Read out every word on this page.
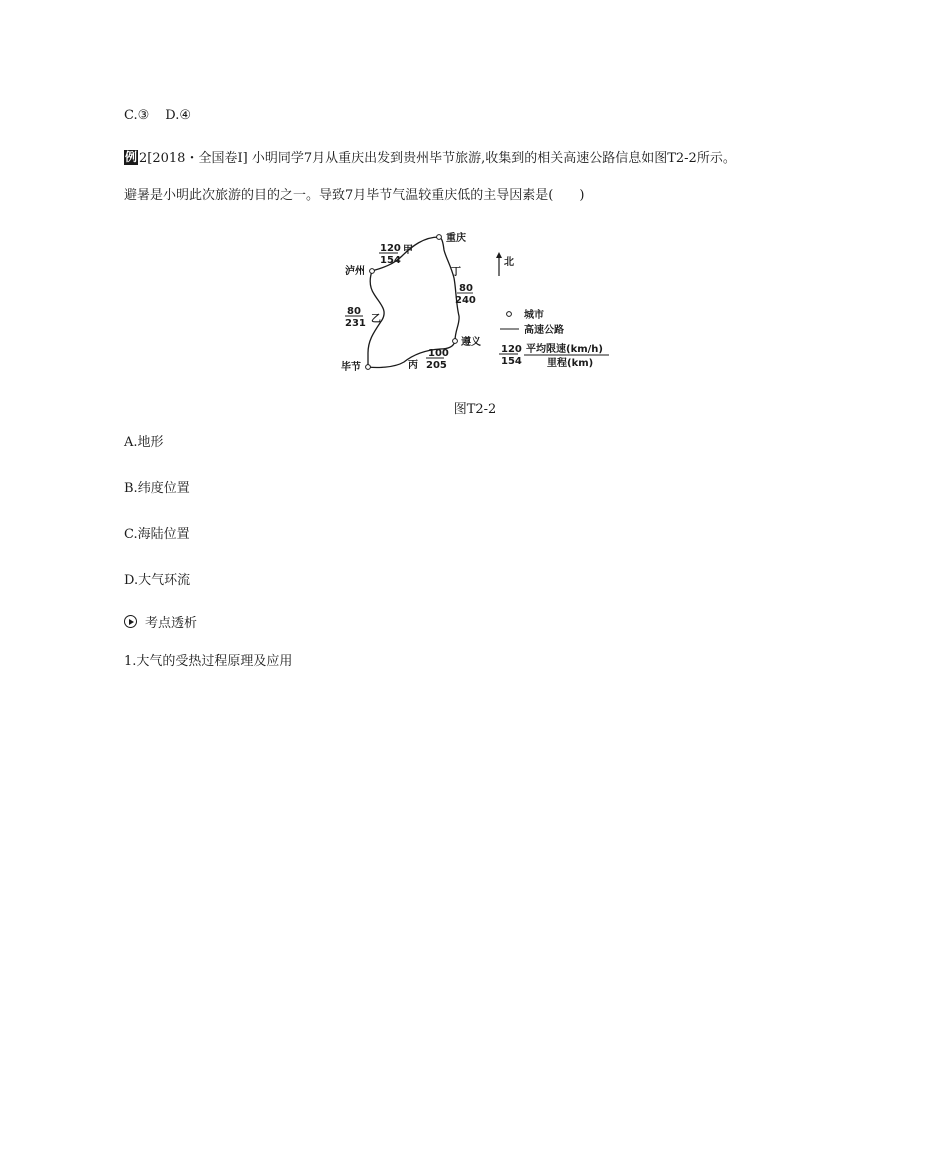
C.③ D.④
例 2[2018・全国卷Ⅰ] 小明同学7月从重庆出发到贵州毕节旅游,收集到的相关高速公路信息如图T2-2所示。
避暑是小明此次旅游的目的之一。导致7月毕节气温较重庆低的主导因素是(　　)
重庆
泸州
遵义
毕节
120
154
甲
丁
80
240
80
231 乙
丙
100
205
北
城市
高速公路
120
154
平均限速(km/h)
里程(km)
图T2-2
A.地形
B.纬度位置
C.海陆位置
D.大气环流
考点透析
1.大气的受热过程原理及应用
